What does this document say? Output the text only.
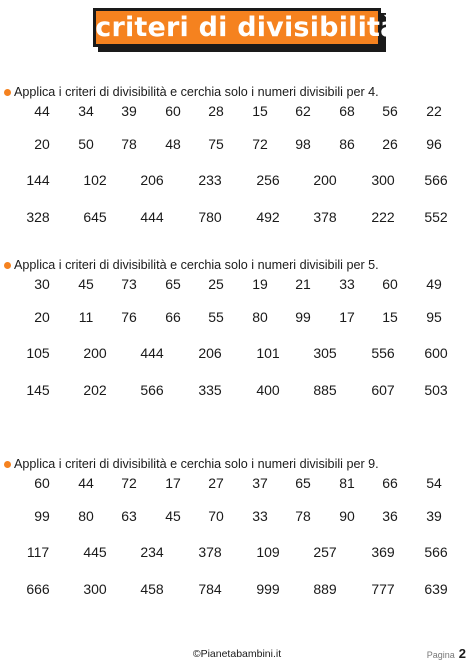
I criteri di divisibilità
Applica i criteri di divisibilità e cerchia solo i numeri divisibili per 4.
44 34 39 60 28 15 62 68 56 22
20 50 78 48 75 72 98 86 26 96
144 102 206 233 256 200 300 566
328 645 444 780 492 378 222 552
Applica i criteri di divisibilità e cerchia solo i numeri divisibili per 5.
30 45 73 65 25 19 21 33 60 49
20 11 76 66 55 80 99 17 15 95
105 200 444 206 101 305 556 600
145 202 566 335 400 885 607 503
Applica i criteri di divisibilità e cerchia solo i numeri divisibili per 9.
60 44 72 17 27 37 65 81 66 54
99 80 63 45 70 33 78 90 36 39
117 445 234 378 109 257 369 566
666 300 458 784 999 889 777 639
©Pianetabambini.it	Pagina 2
